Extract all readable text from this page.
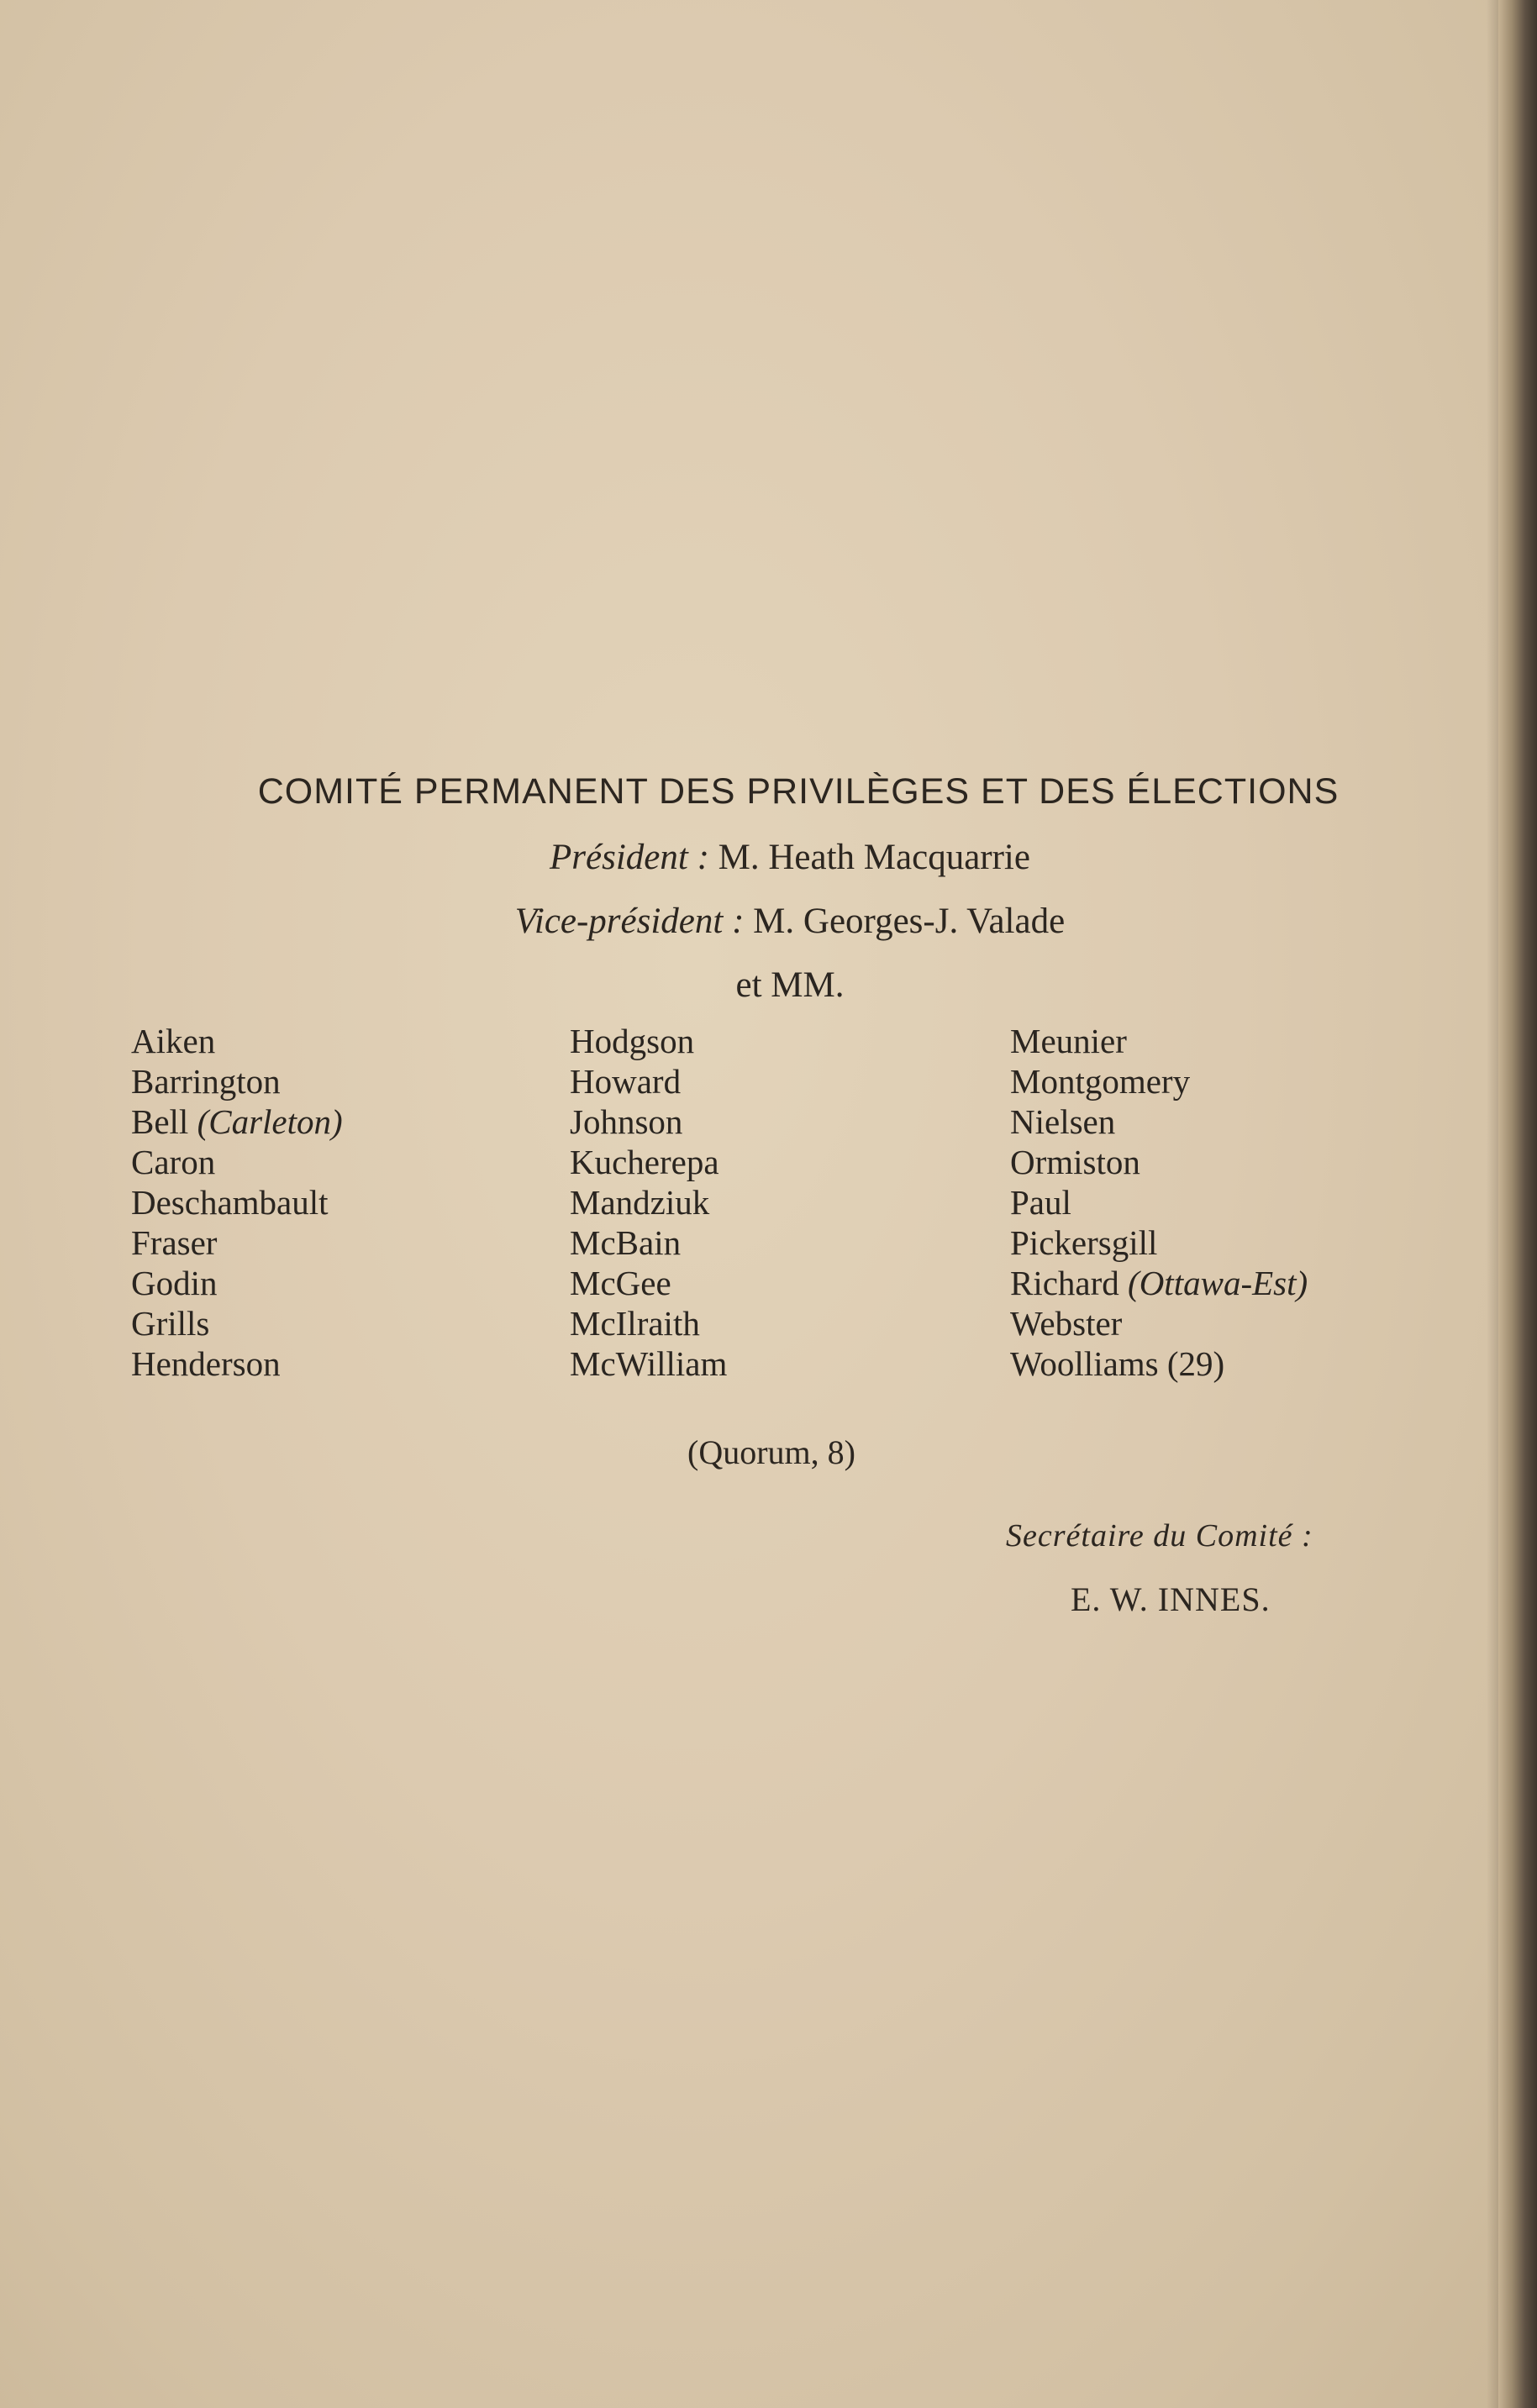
COMITÉ PERMANENT DES PRIVILÈGES ET DES ÉLECTIONS
Président : M. Heath Macquarrie
Vice-président : M. Georges-J. Valade
et MM.
Aiken
Barrington
Bell (Carleton)
Caron
Deschambault
Fraser
Godin
Grills
Henderson
Hodgson
Howard
Johnson
Kucherepa
Mandziuk
McBain
McGee
McIlraith
McWilliam
Meunier
Montgomery
Nielsen
Ormiston
Paul
Pickersgill
Richard (Ottawa-Est)
Webster
Woolliams (29)
(Quorum, 8)
Secrétaire du Comité :
E. W. INNES.
